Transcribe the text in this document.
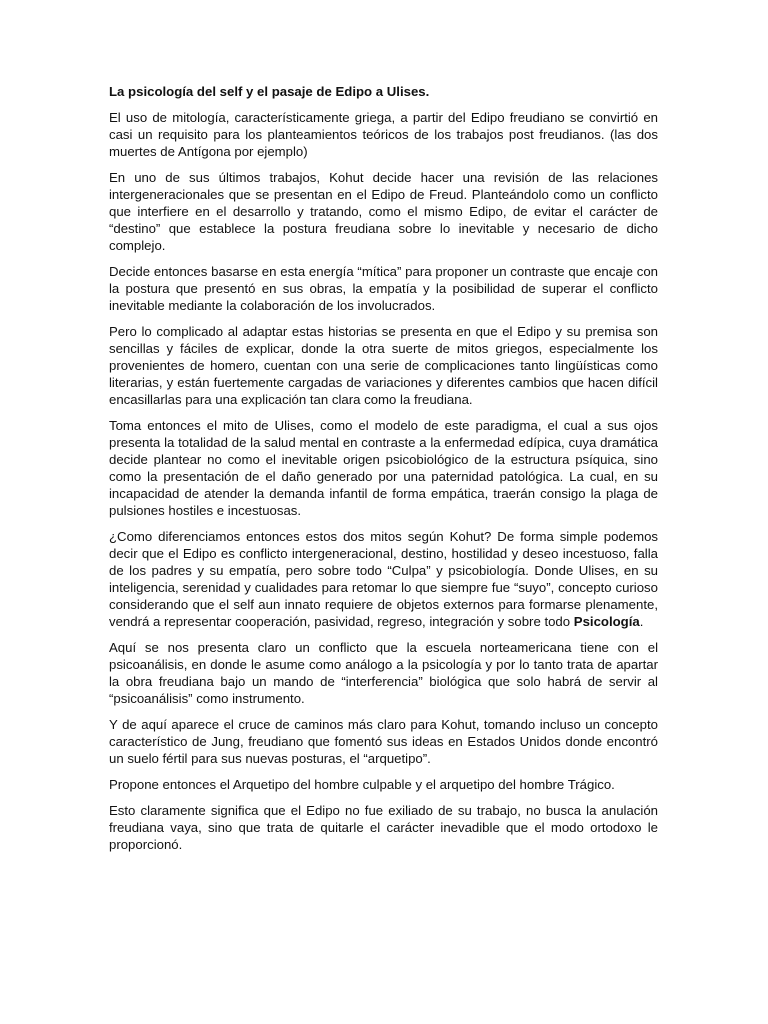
La psicología del self y el pasaje de Edipo a Ulises.

El uso de mitología, característicamente griega, a partir del Edipo freudiano se convirtió en casi un requisito para los planteamientos teóricos de los trabajos post freudianos. (las dos muertes de Antígona por ejemplo)

En uno de sus últimos trabajos, Kohut decide hacer una revisión de las relaciones intergeneracionales que se presentan en el Edipo de Freud. Planteándolo como un conflicto que interfiere en el desarrollo y tratando, como el mismo Edipo, de evitar el carácter de “destino” que establece la postura freudiana sobre lo inevitable y necesario de dicho complejo.

Decide entonces basarse en esta energía “mítica” para proponer un contraste que encaje con la postura que presentó en sus obras, la empatía y la posibilidad de superar el conflicto inevitable mediante la colaboración de los involucrados.

Pero lo complicado al adaptar estas historias se presenta en que el Edipo y su premisa son sencillas y fáciles de explicar, donde la otra suerte de mitos griegos, especialmente los provenientes de homero, cuentan con una serie de complicaciones tanto lingüísticas como literarias, y están fuertemente cargadas de variaciones y diferentes cambios que hacen difícil encasillarlas para una explicación tan clara como la freudiana.

Toma entonces el mito de Ulises, como el modelo de este paradigma, el cual a sus ojos presenta la totalidad de la salud mental en contraste a la enfermedad edípica, cuya dramática decide plantear no como el inevitable origen psicobiológico de la estructura psíquica, sino como la presentación de el daño generado por una paternidad patológica. La cual, en su incapacidad de atender la demanda infantil de forma empática, traerán consigo la plaga de pulsiones hostiles e incestuosas.

¿Como diferenciamos entonces estos dos mitos según Kohut? De forma simple podemos decir que el Edipo es conflicto intergeneracional, destino, hostilidad y deseo incestuoso, falla de los padres y su empatía, pero sobre todo “Culpa” y psicobiología. Donde Ulises, en su inteligencia, serenidad y cualidades para retomar lo que siempre fue “suyo”, concepto curioso considerando que el self aun innato requiere de objetos externos para formarse plenamente, vendrá a representar cooperación, pasividad, regreso, integración y sobre todo Psicología.

Aquí se nos presenta claro un conflicto que la escuela norteamericana tiene con el psicoanálisis, en donde le asume como análogo a la psicología y por lo tanto trata de apartar la obra freudiana bajo un mando de “interferencia” biológica que solo habrá de servir al “psicoanálisis” como instrumento.

Y de aquí aparece el cruce de caminos más claro para Kohut, tomando incluso un concepto característico de Jung, freudiano que fomentó sus ideas en Estados Unidos donde encontró un suelo fértil para sus nuevas posturas, el “arquetipo”.

Propone entonces el Arquetipo del hombre culpable y el arquetipo del hombre Trágico.

Esto claramente significa que el Edipo no fue exiliado de su trabajo, no busca la anulación freudiana vaya, sino que trata de quitarle el carácter inevadible que el modo ortodoxo le proporcionó.
